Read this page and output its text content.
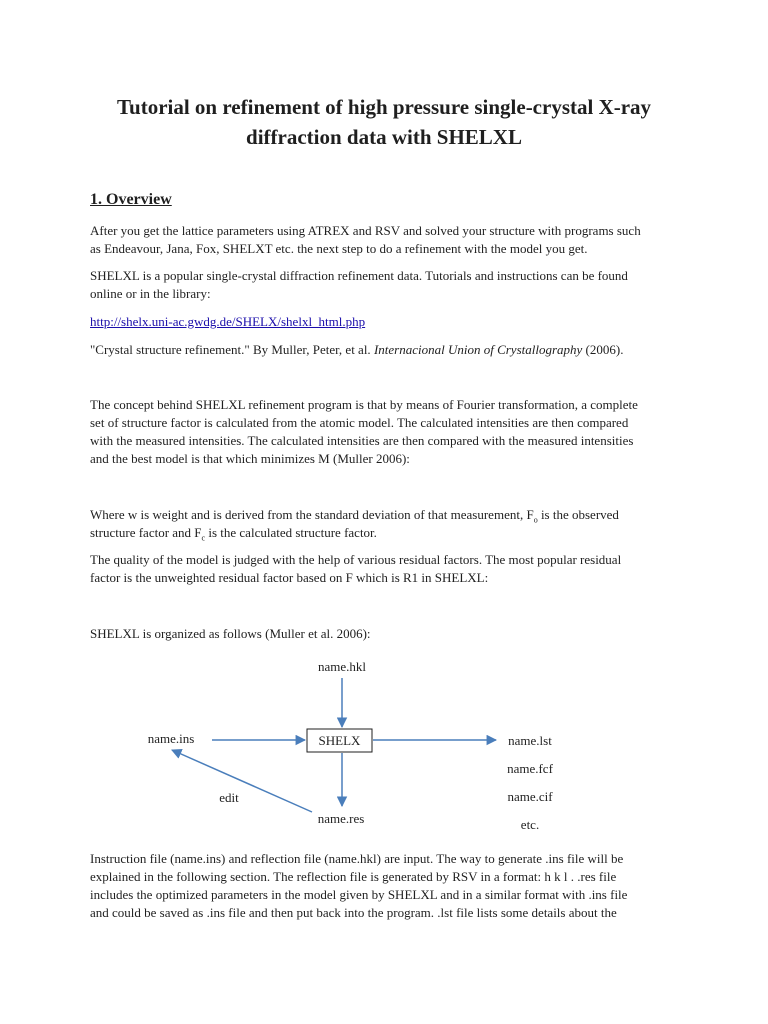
Tutorial on refinement of high pressure single-crystal X-ray
diffraction data with SHELXL
1. Overview

After you get the lattice parameters using ATREX and RSV and solved your structure with programs such
as Endeavour, Jana, Fox, SHELXT etc. the next step to do a refinement with the model you get.

SHELXL is a popular single-crystal diffraction refinement data. Tutorials and instructions can be found
online or in the library:

http://shelx.uni-ac.gwdg.de/SHELX/shelxl_html.php

"Crystal structure refinement." By Muller, Peter, et al. Internacional Union of Crystallography (2006).

The concept behind SHELXL refinement program is that by means of Fourier transformation, a complete
set of structure factor is calculated from the atomic model. The calculated intensities are then compared
with the measured intensities. The calculated intensities are then compared with the measured intensities
and the best model is that which minimizes M (Muller 2006):

Where w is weight and is derived from the standard deviation of that measurement, $F_o$ is the observed
structure factor and $F_c$ is the calculated structure factor.

The quality of the model is judged with the help of various residual factors. The most popular residual
factor is the unweighted residual factor based on F which is R1 in SHELXL:

SHELXL is organized as follows (Muller et al. 2006):

name.hkl
name.ins	SHELX
edit
name.res
name.lst
name.fcf
name.cif
etc.

Instruction file (name.ins) and reflection file (name.hkl) are input. The way to generate .ins file will be
explained in the following section. The reflection file is generated by RSV in a format: h k l . .res file
includes the optimized parameters in the model given by SHELXL and in a similar format with .ins file
and could be saved as .ins file and then put back into the program. .lst file lists some details about the
